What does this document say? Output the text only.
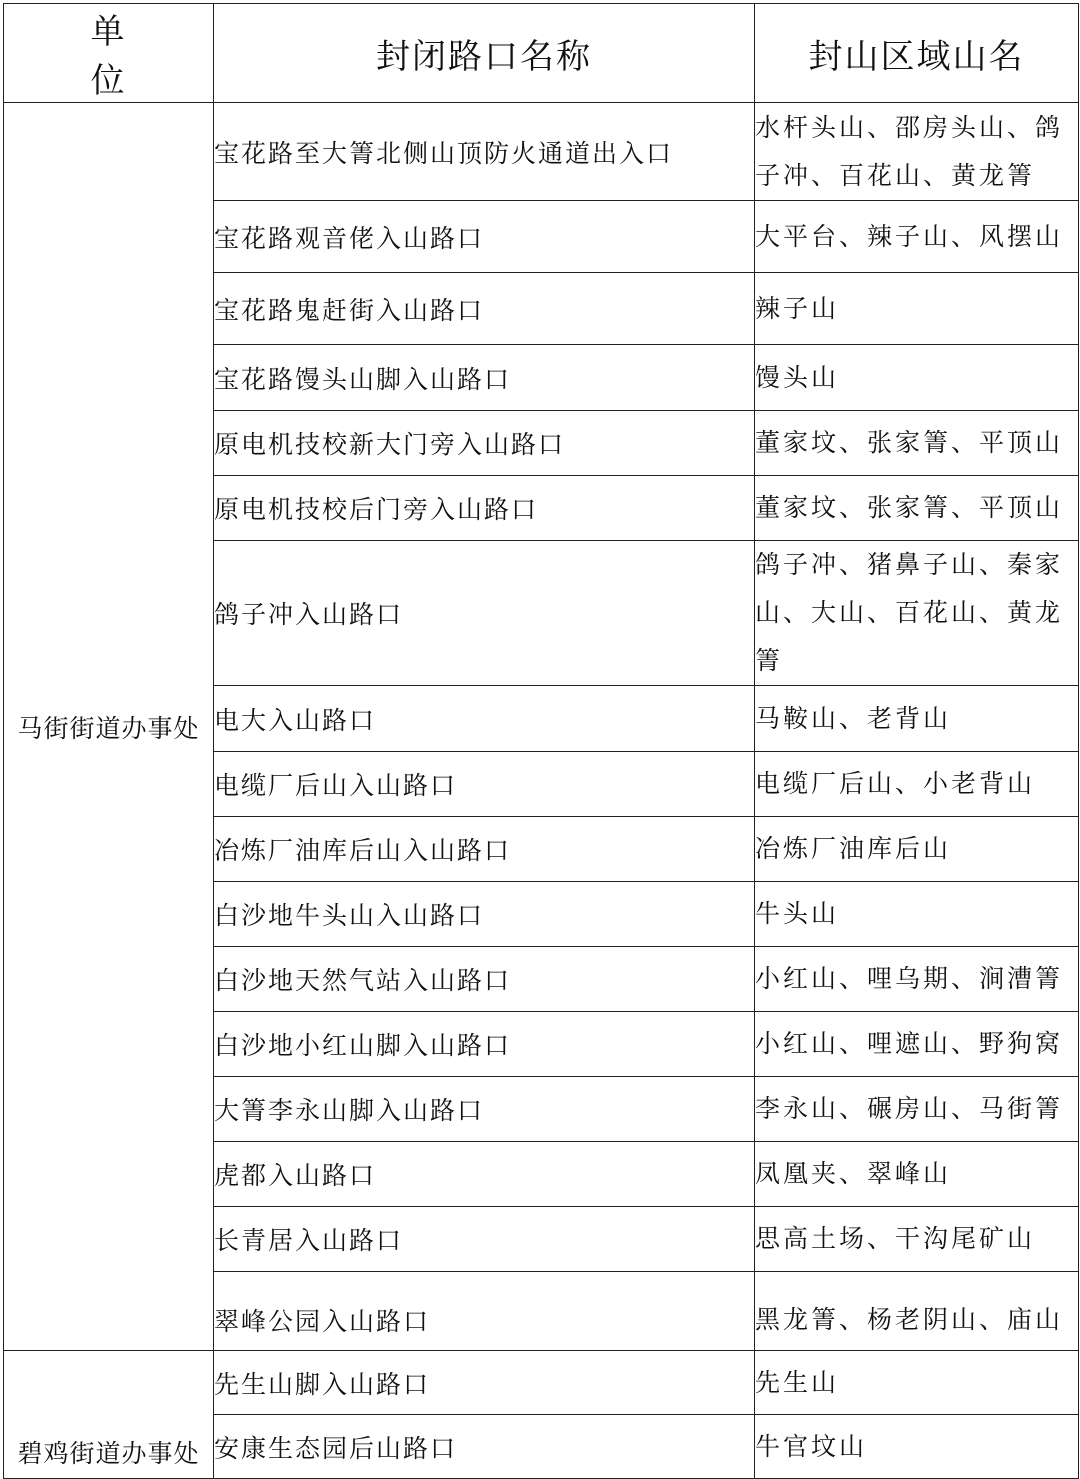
单 位	封闭路口名称	封山区域山名
马街街道办事处	宝花路至大箐北侧山顶防火通道出入口	水杆头山、邵房头山、鸽子冲、百花山、黄龙箐
	宝花路观音佬入山路口	大平台、辣子山、风摆山
	宝花路鬼赶街入山路口	辣子山
	宝花路馒头山脚入山路口	馒头山
	原电机技校新大门旁入山路口	董家坟、张家箐、平顶山
	原电机技校后门旁入山路口	董家坟、张家箐、平顶山
	鸽子冲入山路口	鸽子冲、猪鼻子山、秦家山、大山、百花山、黄龙箐
	电大入山路口	马鞍山、老背山
	电缆厂后山入山路口	电缆厂后山、小老背山
	冶炼厂油库后山入山路口	冶炼厂油库后山
	白沙地牛头山入山路口	牛头山
	白沙地天然气站入山路口	小红山、哩乌期、涧漕箐
	白沙地小红山脚入山路口	小红山、哩遮山、野狗窝
	大箐李永山脚入山路口	李永山、碾房山、马街箐
	虎都入山路口	凤凰夹、翠峰山
	长青居入山路口	思高土场、干沟尾矿山
	翠峰公园入山路口	黑龙箐、杨老阴山、庙山
碧鸡街道办事处	先生山脚入山路口	先生山
	安康生态园后山路口	牛官坟山
